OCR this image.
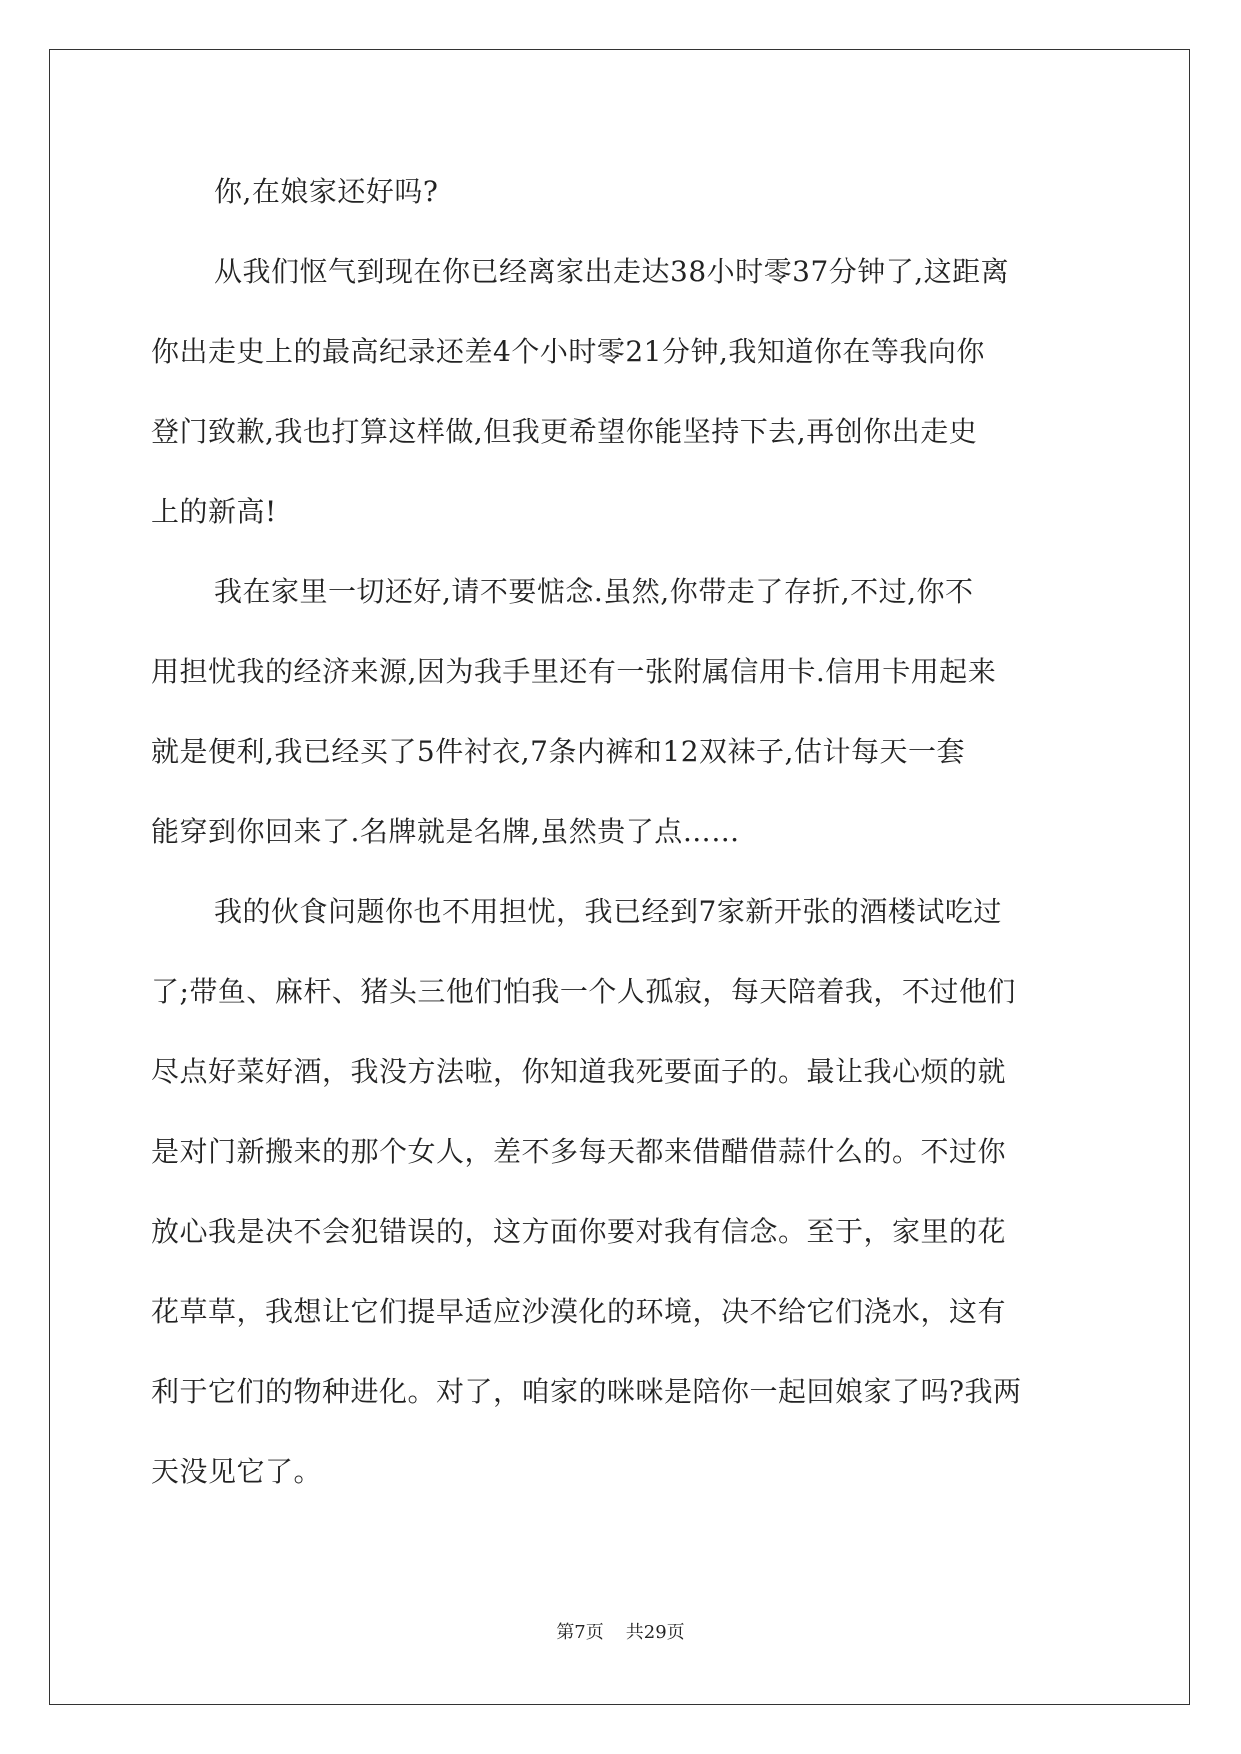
你,在娘家还好吗?
从我们怄气到现在你已经离家出走达38小时零37分钟了,这距离
你出走史上的最高纪录还差4个小时零21分钟,我知道你在等我向你
登门致歉,我也打算这样做,但我更希望你能坚持下去,再创你出走史
上的新高!
我在家里一切还好,请不要惦念.虽然,你带走了存折,不过,你不
用担忧我的经济来源,因为我手里还有一张附属信用卡.信用卡用起来
就是便利,我已经买了5件衬衣,7条内裤和12双袜子,估计每天一套
能穿到你回来了.名牌就是名牌,虽然贵了点……
我的伙食问题你也不用担忧，我已经到7家新开张的酒楼试吃过
了;带鱼、麻杆、猪头三他们怕我一个人孤寂，每天陪着我，不过他们
尽点好菜好酒，我没方法啦，你知道我死要面子的。最让我心烦的就
是对门新搬来的那个女人，差不多每天都来借醋借蒜什么的。不过你
放心我是决不会犯错误的，这方面你要对我有信念。至于，家里的花
花草草，我想让它们提早适应沙漠化的环境，决不给它们浇水，这有
利于它们的物种进化。对了，咱家的咪咪是陪你一起回娘家了吗?我两
天没见它了。
第7页 共29页
